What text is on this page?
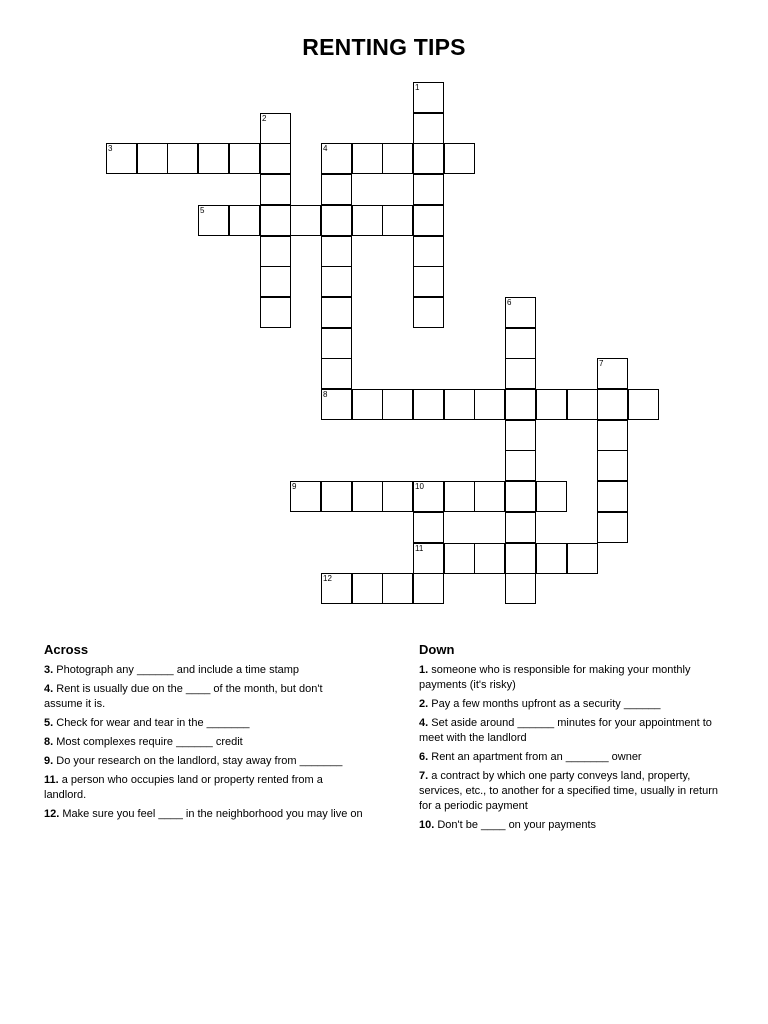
RENTING TIPS
1
2
3	4
8
5
6
7
9	10
11
12
Across
3. Photograph any ______ and include a time stamp
4. Rent is usually due on the ____ of the month, but don't assume it is.
5. Check for wear and tear in the _______
8. Most complexes require ______ credit
9. Do your research on the landlord, stay away from _______
11. a person who occupies land or property rented from a landlord.
12. Make sure you feel ____ in the neighborhood you may live on
Down
1. someone who is responsible for making your monthly payments (it's risky)
2. Pay a few months upfront as a security ______
4. Set aside around ______ minutes for your appointment to meet with the landlord
6. Rent an apartment from an _______ owner
7. a contract by which one party conveys land, property, services, etc., to another for a specified time, usually in return for a periodic payment
10. Don't be ____ on your payments
